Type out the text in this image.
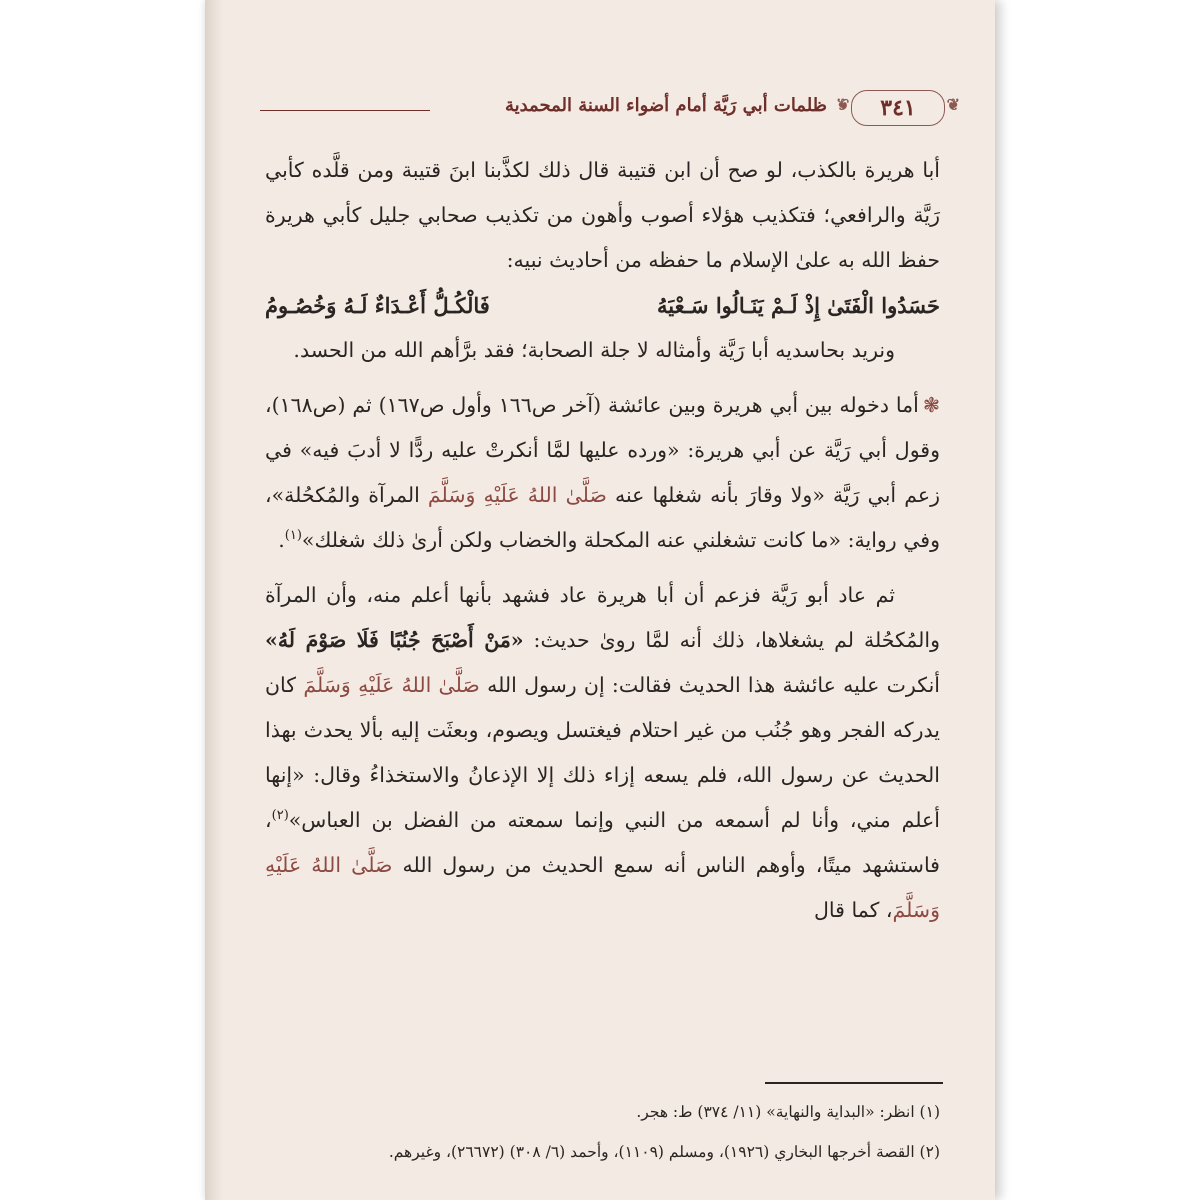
❦ ٣٤١ ❦
ظلمات أبي رَيَّة أمام أضواء السنة المحمدية

أبا هريرة بالكذب، لو صح أن ابن قتيبة قال ذلك لكذَّبنا ابنَ قتيبة ومن قلَّده كأبي رَيَّة والرافعي؛ فتكذيب هؤلاء أصوب وأهون من تكذيب صحابي جليل كأبي هريرة حفظ الله به علىٰ الإسلام ما حفظه من أحاديث نبيه:

حَسَدُوا الْفَتَىٰ إِذْ لَـمْ يَنَـالُوا سَـعْيَهُ
فَالْكُـلُّ أَعْـدَاءٌ لَـهُ وَخُصُـومُ

ونريد بحاسديه أبا رَيَّة وأمثاله لا جلة الصحابة؛ فقد برَّأهم الله من الحسد.

❃أما دخوله بين أبي هريرة وبين عائشة (آخر ص١٦٦ وأول ص١٦٧) ثم (ص١٦٨)، وقول أبي رَيَّة عن أبي هريرة: «ورده عليها لمَّا أنكرتْ عليه ردًّا لا أدبَ فيه» في زعم أبي رَيَّة «ولا وقارَ بأنه شغلها عنه صَلَّىٰ اللهُ عَلَيْهِ وَسَلَّمَ المرآة والمُكحُلة»، وفي رواية: «ما كانت تشغلني عنه المكحلة والخضاب ولكن أرىٰ ذلك شغلك»$^{(١)}$.

ثم عاد أبو رَيَّة فزعم أن أبا هريرة عاد فشهد بأنها أعلم منه، وأن المرآة والمُكحُلة لم يشغلاها، ذلك أنه لمَّا روىٰ حديث: «مَنْ أَصْبَحَ جُنُبًا فَلَا صَوْمَ لَهُ» أنكرت عليه عائشة هذا الحديث فقالت: إن رسول الله صَلَّىٰ اللهُ عَلَيْهِ وَسَلَّمَ كان يدركه الفجر وهو جُنُب من غير احتلام فيغتسل ويصوم، وبعثَت إليه بألا يحدث بهذا الحديث عن رسول الله، فلم يسعه إزاء ذلك إلا الإذعانُ والاستخذاءُ وقال: «إنها أعلم مني، وأنا لم أسمعه من النبي وإنما سمعته من الفضل بن العباس»$^{(٢)}$، فاستشهد ميتًا، وأوهم الناس أنه سمع الحديث من رسول الله صَلَّىٰ اللهُ عَلَيْهِ وَسَلَّمَ، كما قال

(١) انظر: «البداية والنهاية» (١١/ ٣٧٤) ط: هجر.

(٢) القصة أخرجها البخاري (١٩٢٦)، ومسلم (١١٠٩)، وأحمد (٦/ ٣٠٨) (٢٦٦٧٢)، وغيرهم.
